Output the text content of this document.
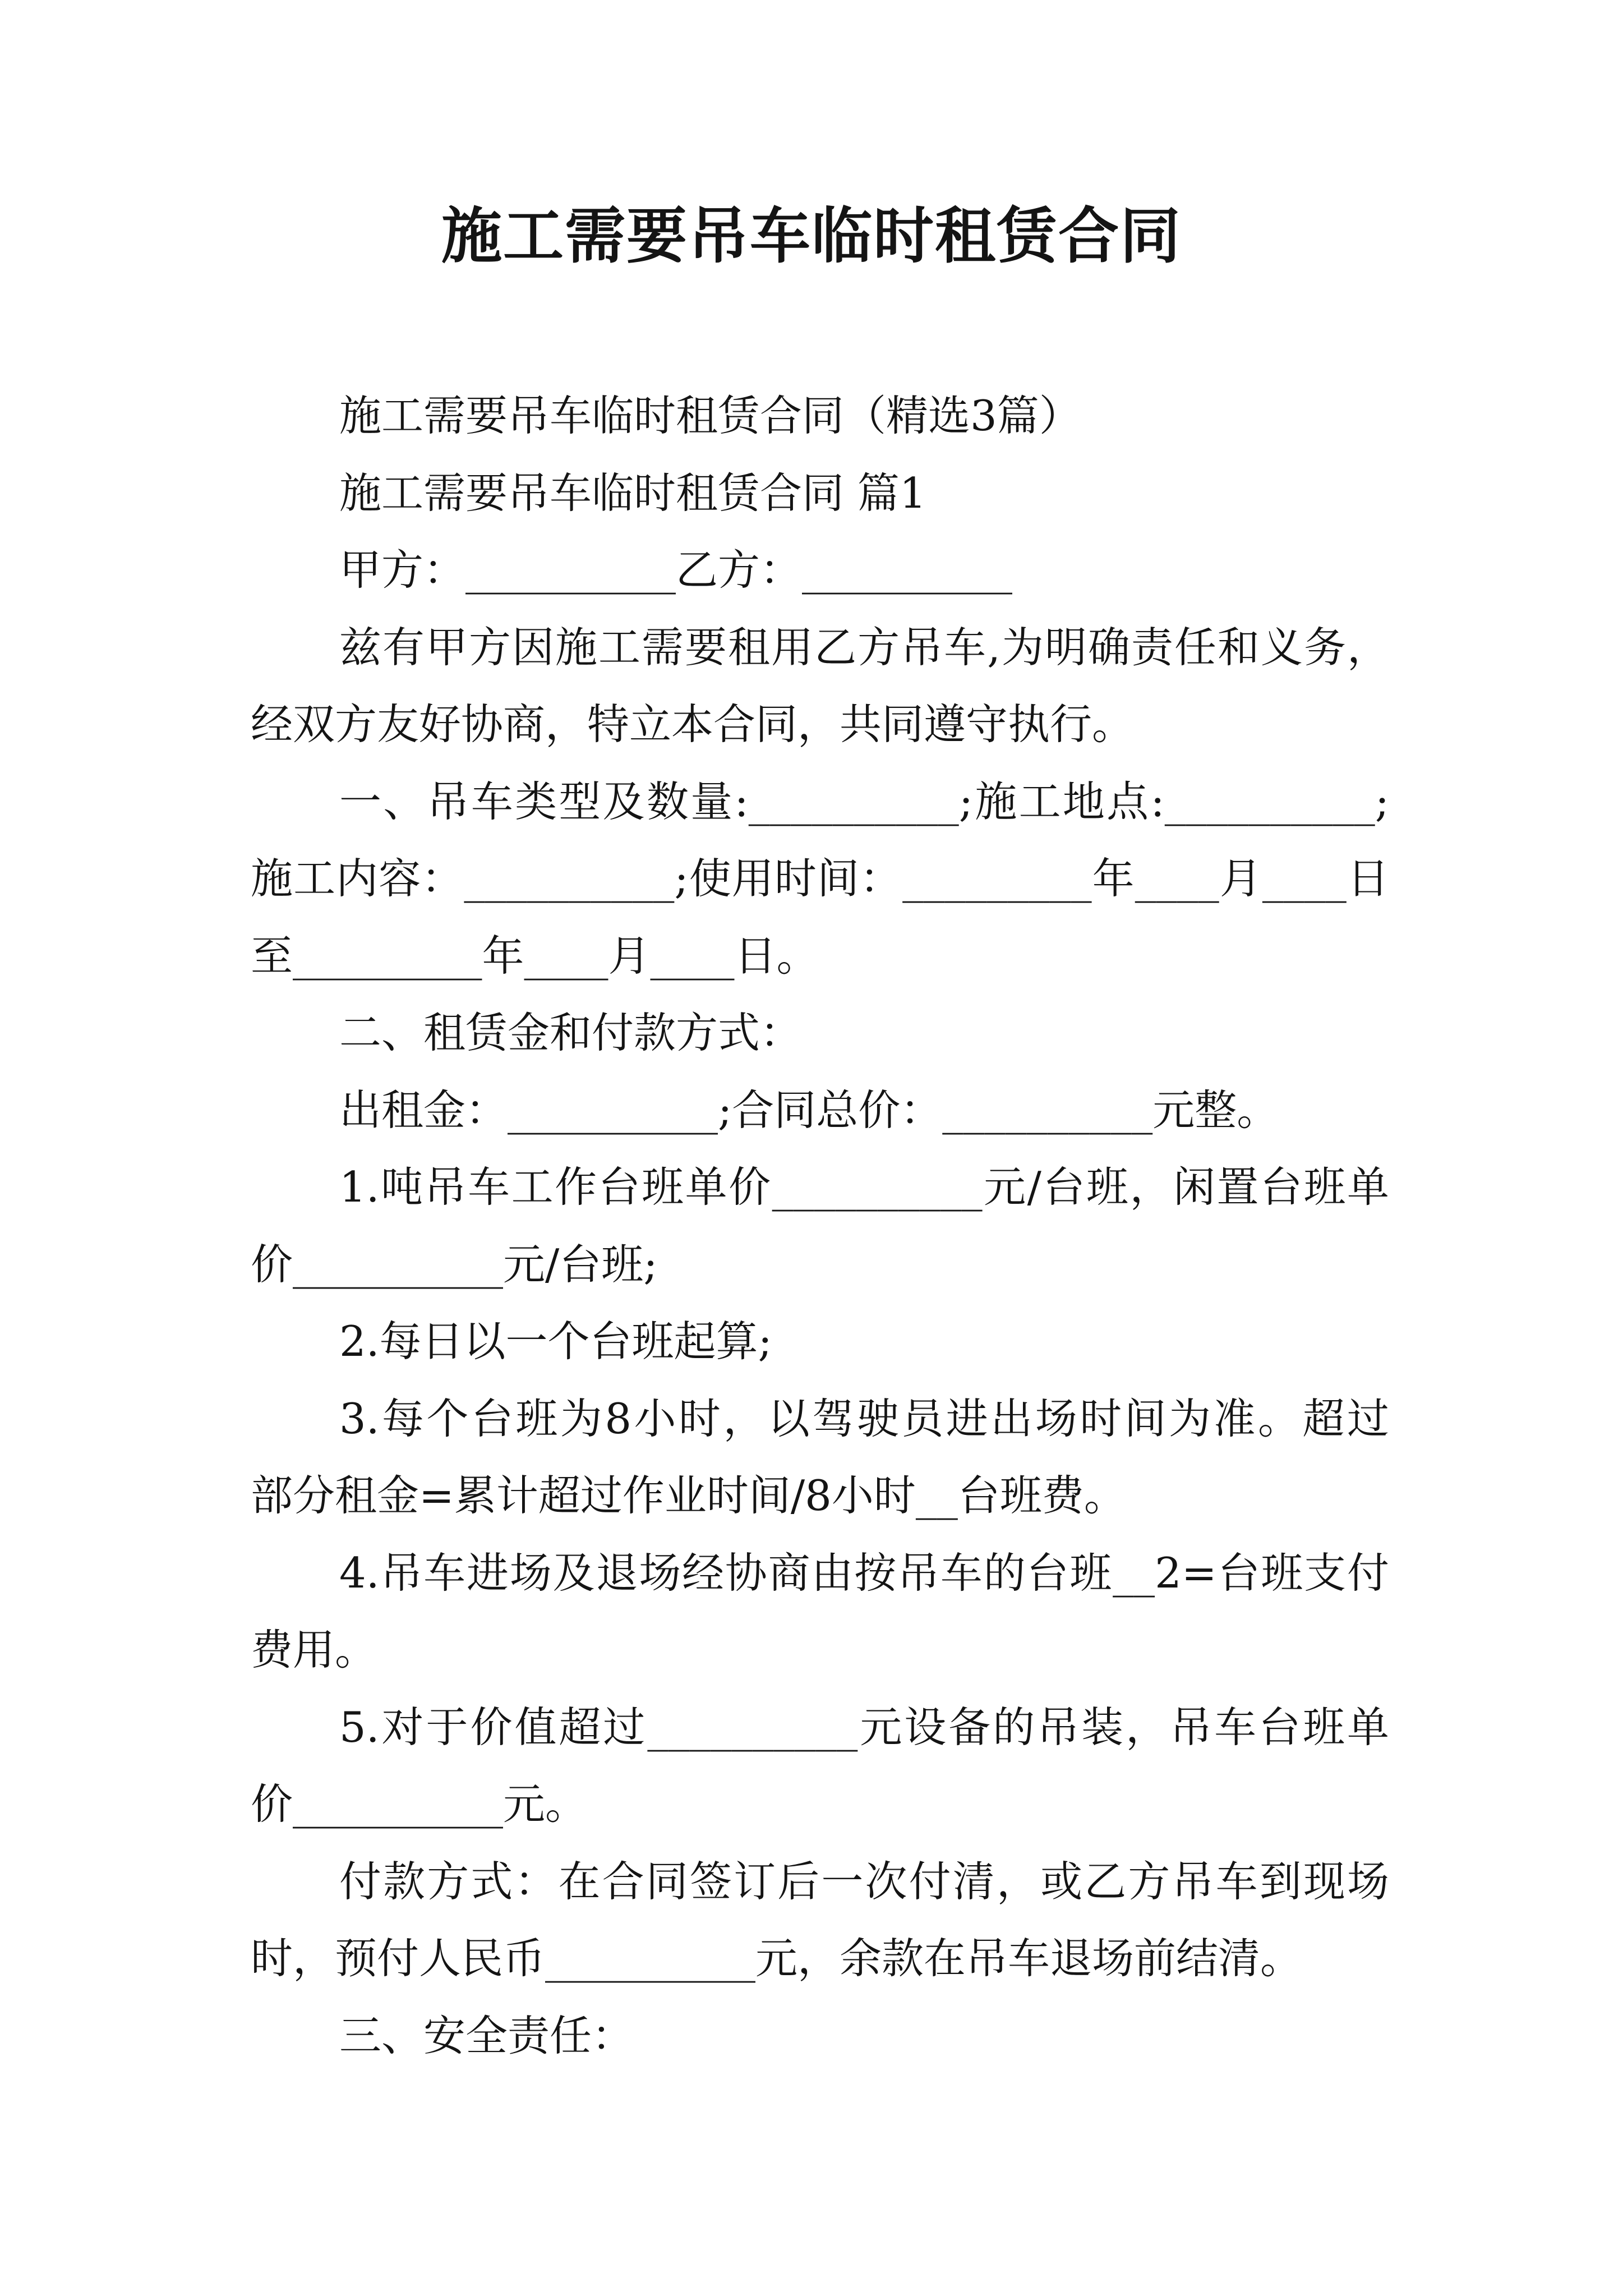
施工需要吊车临时租赁合同
施工需要吊车临时租赁合同（精选3篇）
施工需要吊车临时租赁合同 篇1
甲方：__________乙方：__________
兹有甲方因施工需要租用乙方吊车,为明确责任和义务，
经双方友好协商，特立本合同，共同遵守执行。
一、吊车类型及数量:__________;施工地点:__________;
施工内容：__________;使用时间：_________年____月____日
至_________年____月____日。
二、租赁金和付款方式：
出租金：__________;合同总价：__________元整。
1.吨吊车工作台班单价__________元/台班，闲置台班单
价__________元/台班;
2.每日以一个台班起算;
3.每个台班为8小时，以驾驶员进出场时间为准。超过
部分租金=累计超过作业时间/8小时__台班费。
4.吊车进场及退场经协商由按吊车的台班__2=台班支付
费用。
5.对于价值超过__________元设备的吊装，吊车台班单
价__________元。
付款方式：在合同签订后一次付清，或乙方吊车到现场
时，预付人民币__________元，余款在吊车退场前结清。
三、安全责任：
